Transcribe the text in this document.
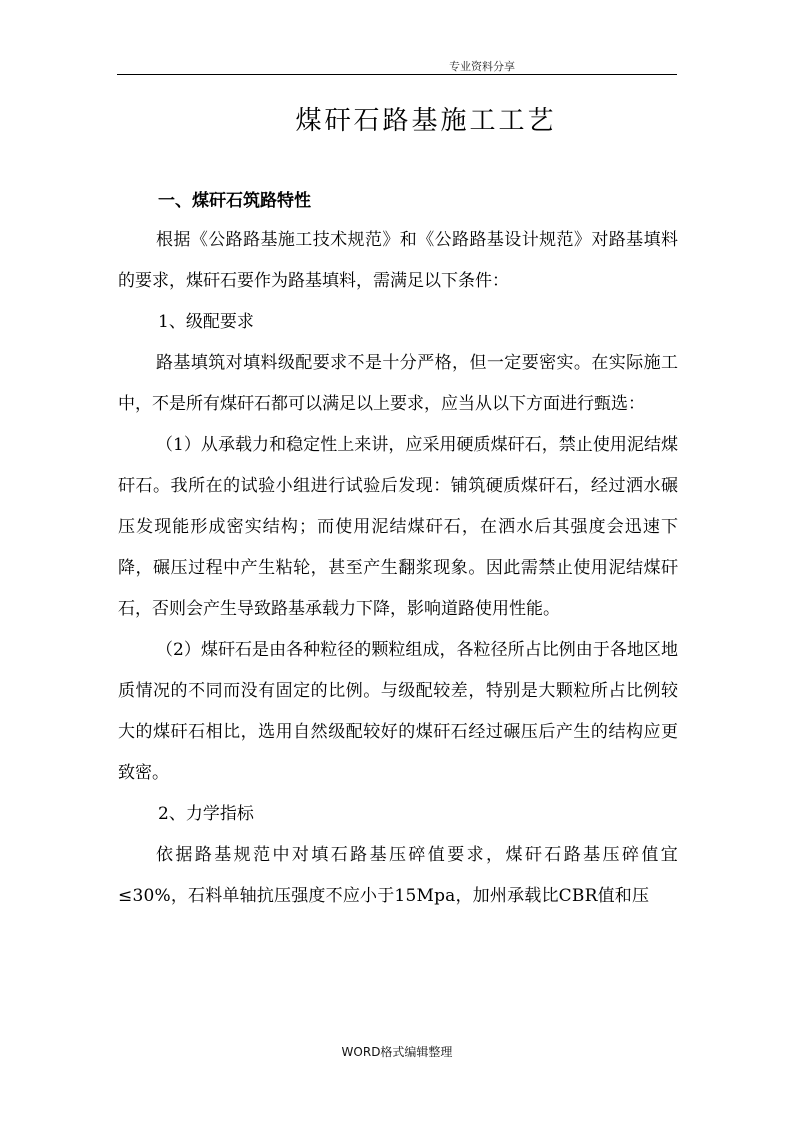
专业资料分享
煤矸石路基施工工艺
一、煤矸石筑路特性
根据《公路路基施工技术规范》和《公路路基设计规范》对路基填料的要求，煤矸石要作为路基填料，需满足以下条件：
1、级配要求
路基填筑对填料级配要求不是十分严格，但一定要密实。在实际施工中，不是所有煤矸石都可以满足以上要求，应当从以下方面进行甄选：
（1）从承载力和稳定性上来讲，应采用硬质煤矸石，禁止使用泥结煤矸石。我所在的试验小组进行试验后发现：铺筑硬质煤矸石，经过洒水碾压发现能形成密实结构；而使用泥结煤矸石，在洒水后其强度会迅速下降，碾压过程中产生粘轮，甚至产生翻浆现象。因此需禁止使用泥结煤矸石，否则会产生导致路基承载力下降，影响道路使用性能。
（2）煤矸石是由各种粒径的颗粒组成，各粒径所占比例由于各地区地质情况的不同而没有固定的比例。与级配较差，特别是大颗粒所占比例较大的煤矸石相比，选用自然级配较好的煤矸石经过碾压后产生的结构应更致密。
2、力学指标
依据路基规范中对填石路基压碎值要求，煤矸石路基压碎值宜≤30%，石料单轴抗压强度不应小于15Mpa，加州承载比CBR值和压
WORD格式编辑整理
